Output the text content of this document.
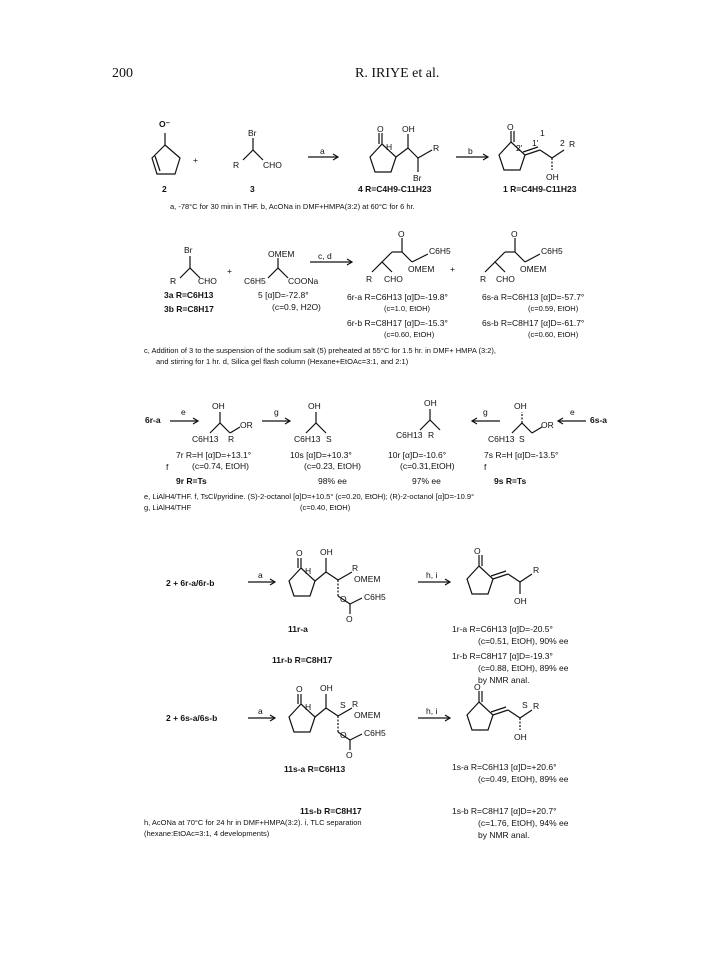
200	R. IRIYE et al.
O⁻
2
+
Br
R	CHO
3
a
O
H
OH
R
Br
4 R=C4H9-C11H23
b
O
2' 1'
1
2 R
OH
1 R=C4H9-C11H23
a, -78°C for 30 min in THF. b, AcONa in DMF+HMPA(3:2) at 60°C for 6 hr.
Br
R	CHO
+
OMEM
C6H5	COONa
c, d
O
C6H5
OMEM
R CHO
+
O
C6H5
OMEM
R CHO
3a R=C6H13
3b R=C8H17
5 [α]D=-72.8°
(c=0.9, H2O)
6r-a R=C6H13 [α]D=-19.8°
(c=1.0, EtOH)
6s-a R=C6H13 [α]D=-57.7°
(c=0.59, EtOH)
6r-b R=C8H17 [α]D=-15.3°
(c=0.60, EtOH)
6s-b R=C8H17 [α]D=-61.7°
(c=0.60, EtOH)
c, Addition of 3 to the suspension of the sodium salt (5) preheated at 55°C for 1.5 hr. in DMF+ HMPA (3:2),
and stirring for 1 hr. d, Silica gel flash column (Hexane+EtOAc=3:1, and 2:1)
6r-a
e
OH
OR
C6H13 R
g
OH
C6H13 S
OH
C6H13 R
g
OH
OR
C6H13 S
e
6s-a
7r R=H [α]D=+13.1°
(c=0.74, EtOH)
f
9r R=Ts
10s [α]D=+10.3°
(c=0.23, EtOH)
98% ee
10r [α]D=-10.6°
(c=0.31,EtOH)
97% ee
7s R=H [α]D=-13.5°
f
9s R=Ts
e, LiAlH4/THF. f, TsCl/pyridine. (S)-2-octanol [α]D=+10.5° (c=0.20, EtOH); (R)-2-octanol [α]D=-10.9°
g, LiAlH4/THF	(c=0.40, EtOH)
2 + 6r-a/6r-b
a
O
H
OH
R
OMEM
O C6H5
O
h, i
O
R
OH
11r-a
11r-b R=C8H17
1r-a R=C6H13 [α]D=-20.5°
(c=0.51, EtOH), 90% ee
1r-b R=C8H17 [α]D=-19.3°
(c=0.88, EtOH), 89% ee
by NMR anal.
2 + 6s-a/6s-b
a
O
H
OH
S R
OMEM
O C6H5
O
h, i
O
S R
OH
11s-a R=C6H13
11s-b R=C8H17
1s-a R=C6H13 [α]D=+20.6°
(c=0.49, EtOH), 89% ee
1s-b R=C8H17 [α]D=+20.7°
(c=1.76, EtOH), 94% ee
by NMR anal.
h, AcONa at 70°C for 24 hr in DMF+HMPA(3:2). i, TLC separation
(hexane:EtOAc=3:1, 4 developments)
